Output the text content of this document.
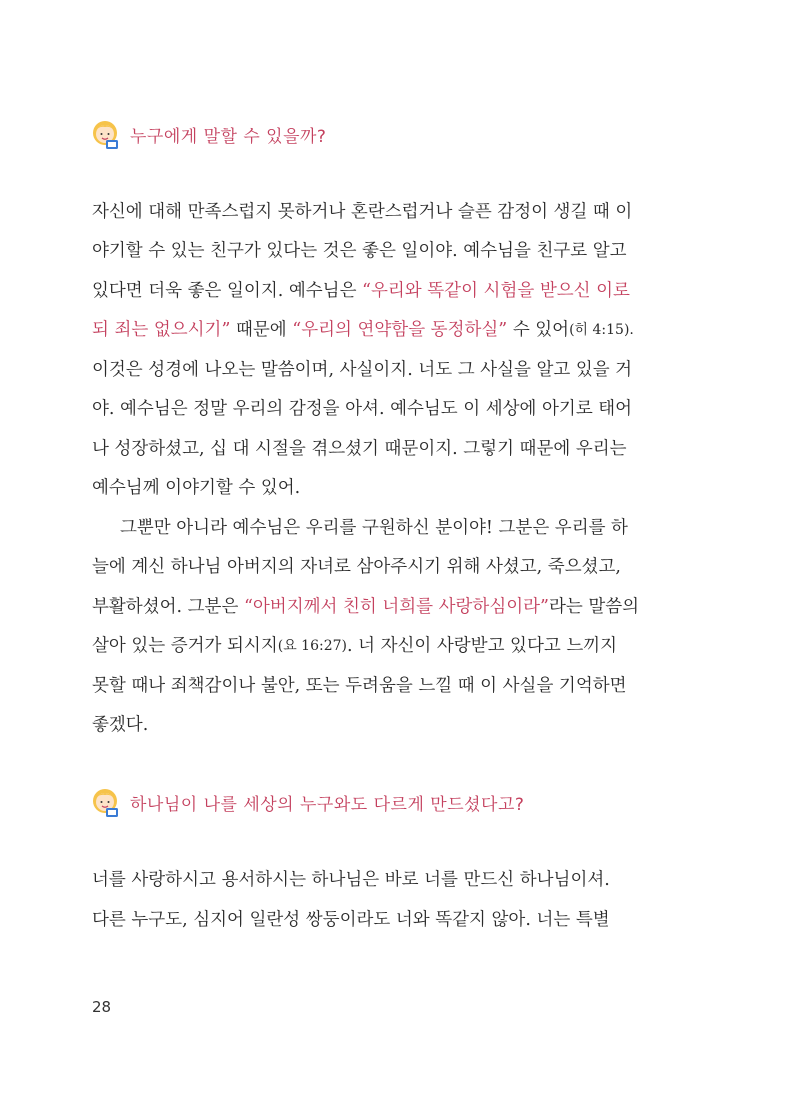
누구에게 말할 수 있을까?
자신에 대해 만족스럽지 못하거나 혼란스럽거나 슬픈 감정이 생길 때 이
야기할 수 있는 친구가 있다는 것은 좋은 일이야. 예수님을 친구로 알고
있다면 더욱 좋은 일이지. 예수님은 “우리와 똑같이 시험을 받으신 이로
되 죄는 없으시기” 때문에 “우리의 연약함을 동정하실” 수 있어 (히 4:15).
이것은 성경에 나오는 말씀이며, 사실이지. 너도 그 사실을 알고 있을 거
야. 예수님은 정말 우리의 감정을 아셔. 예수님도 이 세상에 아기로 태어
나 성장하셨고, 십 대 시절을 겪으셨기 때문이지. 그렇기 때문에 우리는
예수님께 이야기할 수 있어.
그뿐만 아니라 예수님은 우리를 구원하신 분이야! 그분은 우리를 하
늘에 계신 하나님 아버지의 자녀로 삼아주시기 위해 사셨고, 죽으셨고,
부활하셨어. 그분은 “아버지께서 친히 너희를 사랑하심이라” 라는 말씀의
살아 있는 증거가 되시지 (요 16:27) . 너 자신이 사랑받고 있다고 느끼지
못할 때나 죄책감이나 불안, 또는 두려움을 느낄 때 이 사실을 기억하면
좋겠다.
하나님이 나를 세상의 누구와도 다르게 만드셨다고?
너를 사랑하시고 용서하시는 하나님은 바로 너를 만드신 하나님이셔.
다른 누구도, 심지어 일란성 쌍둥이라도 너와 똑같지 않아. 너는 특별
28
